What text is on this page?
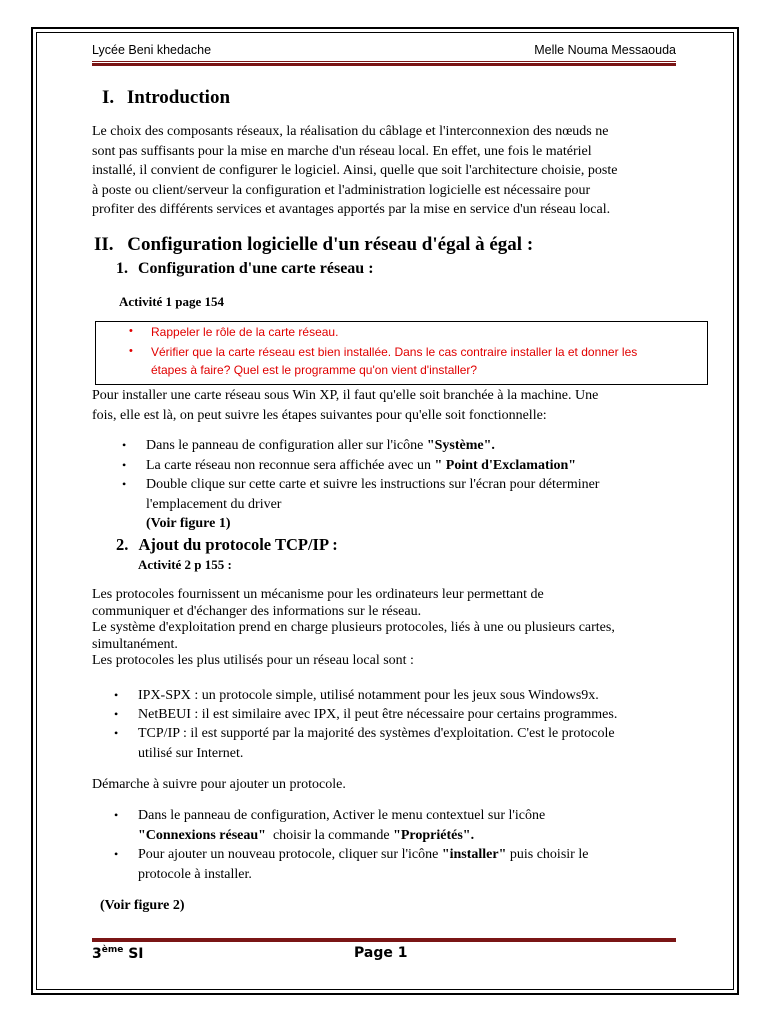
Lycée Beni khedache	Melle Nouma Messaouda
I. Introduction
Le choix des composants réseaux, la réalisation du câblage et l'interconnexion des nœuds ne
sont pas suffisants pour la mise en marche d'un réseau local. En effet, une fois le matériel
installé, il convient de configurer le logiciel. Ainsi, quelle que soit l'architecture choisie, poste
à poste ou client/serveur la configuration et l'administration logicielle est nécessaire pour
profiter des différents services et avantages apportés par la mise en service d'un réseau local.
II. Configuration logicielle d'un réseau d'égal à égal :
1. Configuration d'une carte réseau :
Activité 1 page 154
• Rappeler le rôle de la carte réseau.
• Vérifier que la carte réseau est bien installée. Dans le cas contraire installer la et donner les
étapes à faire? Quel est le programme qu'on vient d'installer?
Pour installer une carte réseau sous Win XP, il faut qu'elle soit branchée à la machine. Une
fois, elle est là, on peut suivre les étapes suivantes pour qu'elle soit fonctionnelle:
• Dans le panneau de configuration aller sur l'icône "Système".
• La carte réseau non reconnue sera affichée avec un " Point d'Exclamation"
• Double clique sur cette carte et suivre les instructions sur l'écran pour déterminer
l'emplacement du driver
(Voir figure 1)
2. Ajout du protocole TCP/IP :
Activité 2 p 155 :
Les protocoles fournissent un mécanisme pour les ordinateurs leur permettant de
communiquer et d'échanger des informations sur le réseau.
Le système d'exploitation prend en charge plusieurs protocoles, liés à une ou plusieurs cartes,
simultanément.
Les protocoles les plus utilisés pour un réseau local sont :
• IPX-SPX : un protocole simple, utilisé notamment pour les jeux sous Windows9x.
• NetBEUI : il est similaire avec IPX, il peut être nécessaire pour certains programmes.
• TCP/IP : il est supporté par la majorité des systèmes d'exploitation. C'est le protocole
utilisé sur Internet.
Démarche à suivre pour ajouter un protocole.
• Dans le panneau de configuration, Activer le menu contextuel sur l'icône
"Connexions réseau"  choisir la commande "Propriétés".
• Pour ajouter un nouveau protocole, cliquer sur l'icône "installer" puis choisir le
protocole à installer.
(Voir figure 2)
3ème SI	Page 1
